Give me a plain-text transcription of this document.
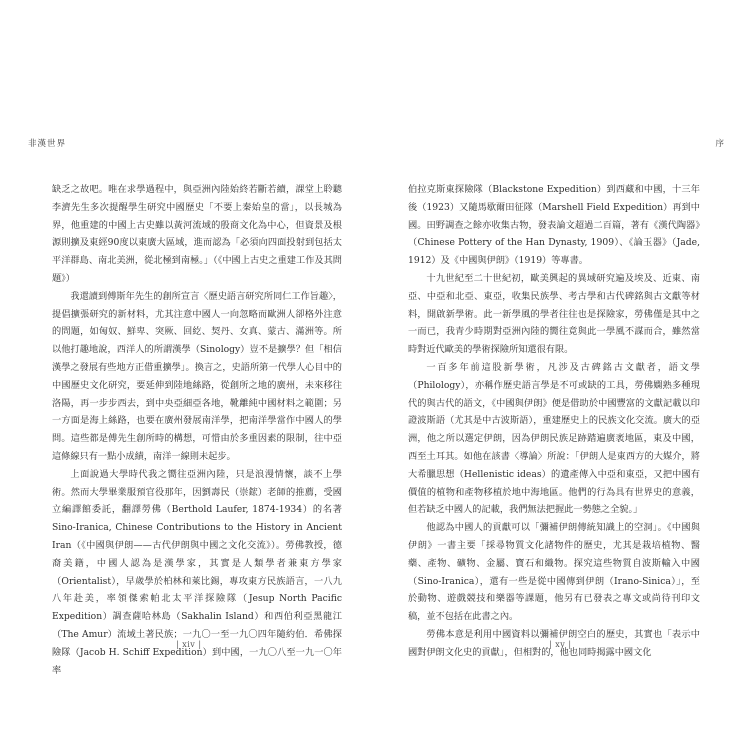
非漢世界

缺乏之故吧。唯在求學過程中，與亞洲內陸始終若斷若續，課堂上聆聽李濟先生多次提醒學生研究中國歷史「不要上秦始皇的當」，以長城為界，他重建的中國上古史雖以黃河流域的殷商文化為中心，但資景及根源則擴及東經90度以東廣大區域，進而認為「必須向四面投射到包括太平洋群島、南北美洲，從北極到南極。」（《中國上古史之重建工作及其問題》）

我還讀到傅斯年先生的創所宣言〈歷史語言研究所同仁工作旨趣〉，提倡擴張研究的新材料，尤其注意中國人一向忽略而歐洲人卻格外注意的問題，如匈奴、鮮卑、突厥、回紇、契丹、女真、蒙古、滿洲等。所以他打趣地說，西洋人的所謂漢學（Sinology）豈不是擴學？但「相信漢學之發展有些地方正借重擴學」。換言之，史語所第一代學人心目中的中國歷史文化研究，要延伸到陸地絲路，從創所之地的廣州，未來移往洛陽，再一步步西去，到中央亞細亞各地，靴離純中國材料之範圍；另一方面是海上絲路，也要在廣州發展南洋學，把南洋學當作中國人的學問。這些都是傅先生創所時的構想，可惜由於多重因素的限制，往中亞這條線只有一點小成績，南洋一線則未起步。

上面說過大學時代我之嚮往亞洲內陸，只是浪漫情懷，談不上學術。然而大學畢業服預官役那年，因劉壽民（崇鋐）老師的推薦，受國立編譯館委託，翻譯勞佛（Berthold Laufer, 1874-1934）的名著 Sino-Iranica, Chinese Contributions to the History in Ancient Iran（《中國與伊朗——古代伊朗與中國之文化交流》）。勞佛教授，德裔美籍，中國人認為是漢學家，其實是人類學者兼東方學家（Orientalist），早歲學於柏林和萊比錫，專攻東方民族語言，一八九八年赴美，率領傑索帕北太平洋探險隊（Jesup North Pacific Expedition）調查薩哈林島（Sakhalin Island）和西伯利亞黑龍江（The Amur）流域土著民族；一九〇一至一九〇四年隨約伯．希佛探險隊（Jacob H. Schiff Expedition）到中國，一九〇八至一九一〇年率

| xiv |
序

伯拉克斯東探險隊（Blackstone Expedition）到西藏和中國，十三年後（1923）又隨馬歇爾田征隊（Marshell Field Expedition）再到中國。田野調查之餘亦收集古物，發表論文超過二百篇，著有《漢代陶器》（Chinese Pottery of the Han Dynasty, 1909）、《論玉器》（Jade, 1912）及《中國與伊朗》（1919）等專書。

十九世紀至二十世紀初，歐美興起的異域研究遍及埃及、近東、南亞、中亞和北亞、東亞，收集民族學、考古學和古代碑銘與古文獻等材料，開啟新學術。此一新學風的學者往往也是探險家，勞佛僅是其中之一而已，我青少時期對亞洲內陸的嚮往竟與此一學風不謀而合，雖然當時對近代歐美的學術探險所知還很有限。

一百多年前這股新學術，凡涉及古碑銘古文獻者，語文學（Philology），亦稱作歷史語言學是不可或缺的工具，勞佛嫻熟多種現代的與古代的語文，《中國與伊朗》便是借助於中國豐富的文獻記載以印證波斯語（尤其是中古波斯語），重建歷史上的民族文化交流。廣大的亞洲，他之所以選定伊朗，因為伊朗民族足跡踏遍廣袤地區，東及中國，西至土耳其。如他在該書〈導論〉所說：「伊朗人是東西方的大媒介，將大希臘思想（Hellenistic ideas）的遺產傳入中亞和東亞，又把中國有價值的植物和產物移植於地中海地區。他們的行為具有世界史的意義，但若缺乏中國人的記載，我們無法把握此一勢態之全貌。」

他認為中國人的貢獻可以「彌補伊朗傳統知識上的空洞」。《中國與伊朗》一書主要「採尋物質文化諸物件的歷史，尤其是栽培植物、醫藥、產物、礦物、金屬、寶石和織物。探究這些物質自波斯輸入中國（Sino-Iranica），還有一些是從中國傳到伊朗（Irano-Sinica）」，至於動物、遊戲競技和樂器等課題，他另有已發表之專文或尚待刊印文稿，並不包括在此書之內。

勞佛本意是利用中國資料以彌補伊朗空白的歷史，其實也「表示中國對伊朗文化史的貢獻」，但相對的，他也同時揭露中國文化

| xv |
